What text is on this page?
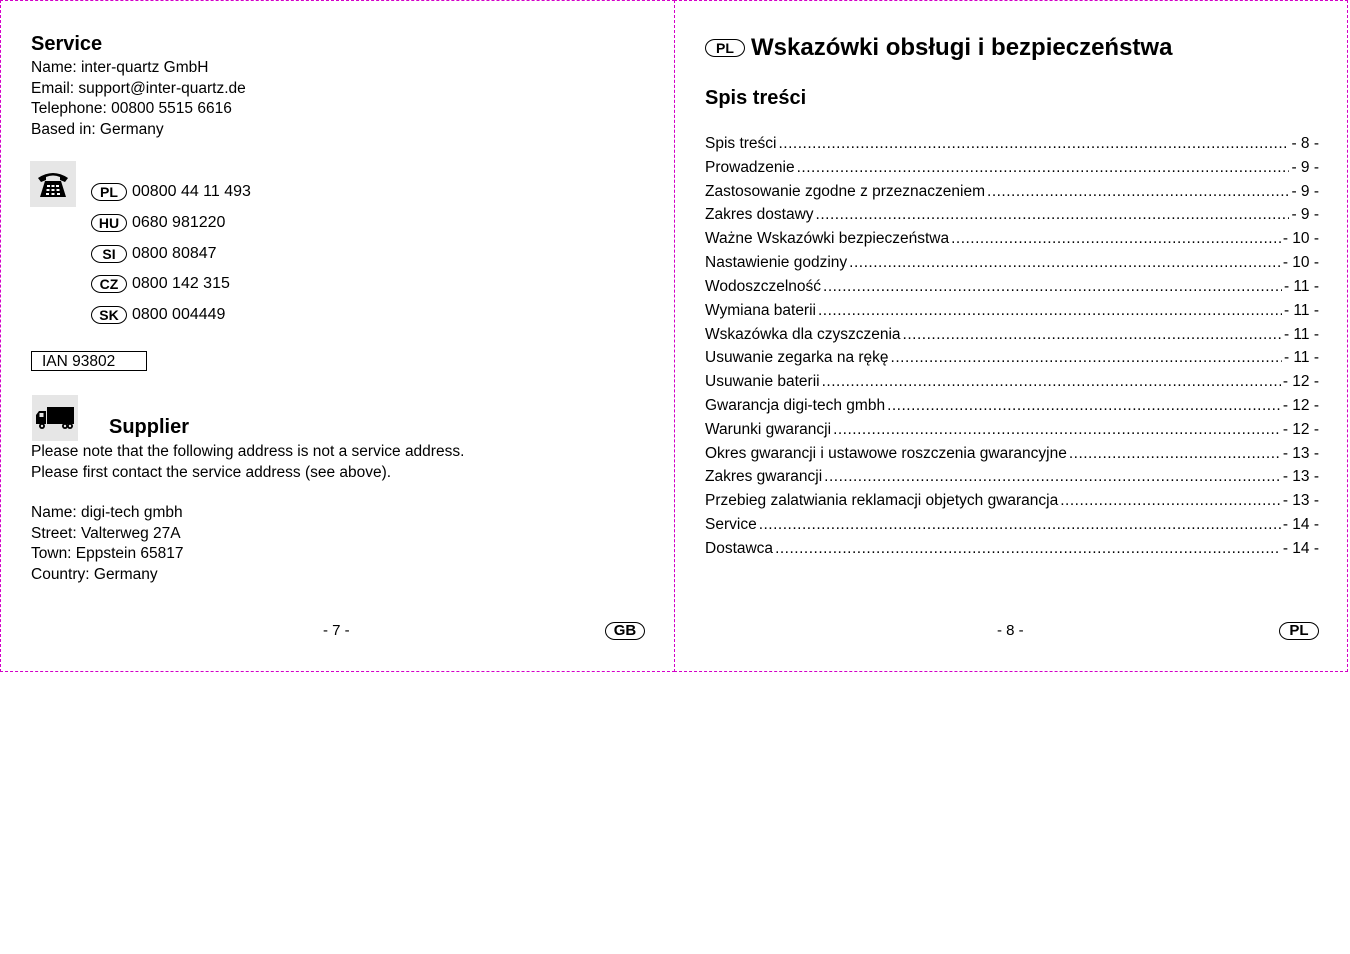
Service
Name: inter-quartz GmbH
Email: support@inter-quartz.de
Telephone: 00800 5515 6616
Based in: Germany
PL 00800 44 11 493
HU 0680 981220
SI	0800 80847
CZ 0800 142 315
SK 0800 004449
IAN 93802
Supplier
Please note that the following address is not a service address.
Please first contact the service address (see above).
Name: digi-tech gmbh
Street: Valterweg 27A
Town: Eppstein 65817
Country: Germany
- 7 -	GB
PL Wskazówki obsługi i bezpieczeństwa
Spis treści
Spis treści .....	- 8 -
Prowadzenie .....	- 9 -
Zastosowanie zgodne z przeznaczeniem .....	- 9 -
Zakres dostawy .....	- 9 -
Ważne Wskazówki bezpieczeństwa .....	- 10 -
Nastawienie godziny .....	- 10 -
Wodoszczelność .....	- 11 -
Wymiana baterii .....	- 11 -
Wskazówka dla czyszczenia .....	- 11 -
Usuwanie zegarka na rękę .....	- 11 -
Usuwanie baterii .....	- 12 -
Gwarancja digi-tech gmbh .....	- 12 -
Warunki gwarancji .....	- 12 -
Okres gwarancji i ustawowe roszczenia gwarancyjne .....	- 13 -
Zakres gwarancji .....	- 13 -
Przebieg zalatwiania reklamacji objetych gwarancja .....	- 13 -
Service .....	- 14 -
Dostawca .....	- 14 -
- 8 -	PL
